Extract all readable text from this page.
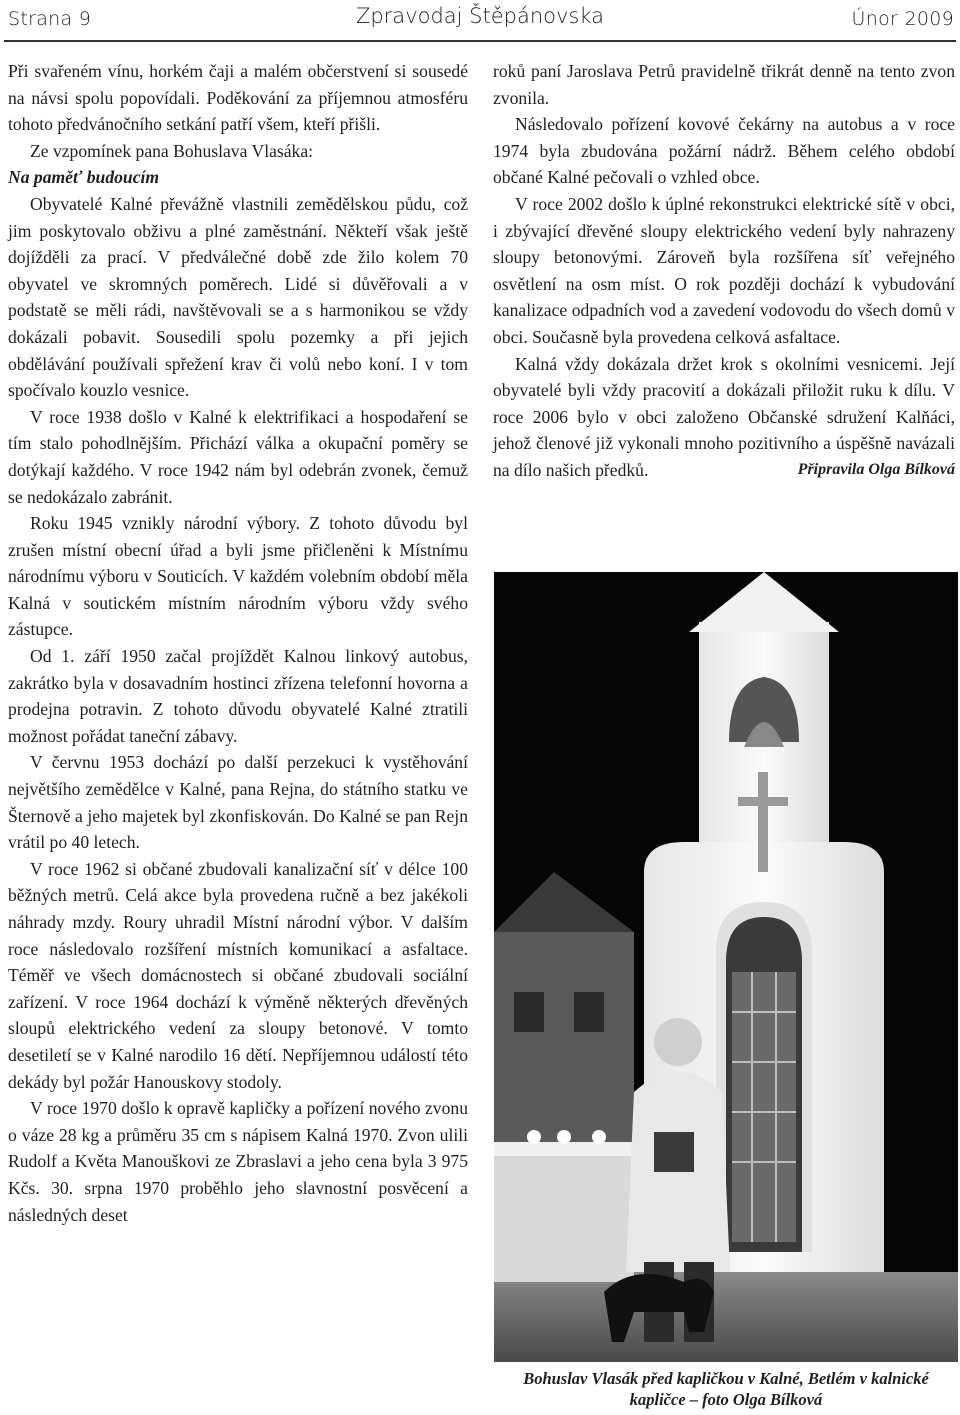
Strana 9	Zpravodaj Štěpánovska	Únor 2009

Při svařeném vínu, horkém čaji a malém občerstvení si sousedé na návsi spolu popovídali. Poděkování za příjemnou atmosféru tohoto předvánočního setkání patří všem, kteří přišli.

Ze vzpomínek pana Bohuslava Vlasáka:

Na paměť budoucím

Obyvatelé Kalné převážně vlastnili zemědělskou půdu, což jim poskytovalo obživu a plné zaměstnání. Někteří však ještě dojížděli za prací. V předválečné době zde žilo kolem 70 obyvatel ve skromných poměrech. Lidé si důvěřovali a v podstatě se měli rádi, navštěvovali se a s harmonikou se vždy dokázali pobavit. Sousedili spolu pozemky a při jejich obdělávání používali spřežení krav či volů nebo koní. I v tom spočívalo kouzlo vesnice.

V roce 1938 došlo v Kalné k elektrifikaci a hospodaření se tím stalo pohodlnějším. Přichází válka a okupační poměry se dotýkají každého. V roce 1942 nám byl odebrán zvonek, čemuž se nedokázalo zabránit.

Roku 1945 vznikly národní výbory. Z tohoto důvodu byl zrušen místní obecní úřad a byli jsme přičleněni k Místnímu národnímu výboru v Souticích. V každém volebním období měla Kalná v soutickém místním národním výboru vždy svého zástupce.

Od 1. září 1950 začal projíždět Kalnou linkový autobus, zakrátko byla v dosavadním hostinci zřízena telefonní hovorna a prodejna potravin. Z tohoto důvodu obyvatelé Kalné ztratili možnost pořádat taneční zábavy.

V červnu 1953 dochází po další perzekuci k vystěhování největšího zemědělce v Kalné, pana Rejna, do státního statku ve Šternově a jeho majetek byl zkonfiskován. Do Kalné se pan Rejn vrátil po 40 letech.

V roce 1962 si občané zbudovali kanalizační síť v délce 100 běžných metrů. Celá akce byla provedena ručně a bez jakékoli náhrady mzdy. Roury uhradil Místní národní výbor. V dalším roce následovalo rozšíření místních komunikací a asfaltace. Téměř ve všech domácnostech si občané zbudovali sociální zařízení. V roce 1964 dochází k výměně některých dřevěných sloupů elektrického vedení za sloupy betonové. V tomto desetiletí se v Kalné narodilo 16 dětí. Nepříjemnou událostí této dekády byl požár Hanouskovy stodoly.

V roce 1970 došlo k opravě kapličky a pořízení nového zvonu o váze 28 kg a průměru 35 cm s nápisem Kalná 1970. Zvon ulili Rudolf a Květa Manouškovi ze Zbraslavi a jeho cena byla 3 975 Kčs. 30. srpna 1970 proběhlo jeho slavnostní posvěcení a následných deset

roků paní Jaroslava Petrů pravidelně třikrát denně na tento zvon zvonila.

Následovalo pořízení kovové čekárny na autobus a v roce 1974 byla zbudována požární nádrž. Během celého období občané Kalné pečovali o vzhled obce.

V roce 2002 došlo k úplné rekonstrukci elektrické sítě v obci, i zbývající dřevěné sloupy elektrického vedení byly nahrazeny sloupy betonovými. Zároveň byla rozšířena síť veřejného osvětlení na osm míst. O rok později dochází k vybudování kanalizace odpadních vod a zavedení vodovodu do všech domů v obci. Současně byla provedena celková asfaltace.

Kalná vždy dokázala držet krok s okolními vesnicemi. Její obyvatelé byli vždy pracovití a dokázali přiložit ruku k dílu. V roce 2006 bylo v obci založeno Občanské sdružení Kalňáci, jehož členové již vykonali mnoho pozitivního a úspěšně navázali na dílo našich předků.	Připravila Olga Bílková

Bohuslav Vlasák před kapličkou v Kalné, Betlém v kalnické kapličce – foto Olga Bílková
